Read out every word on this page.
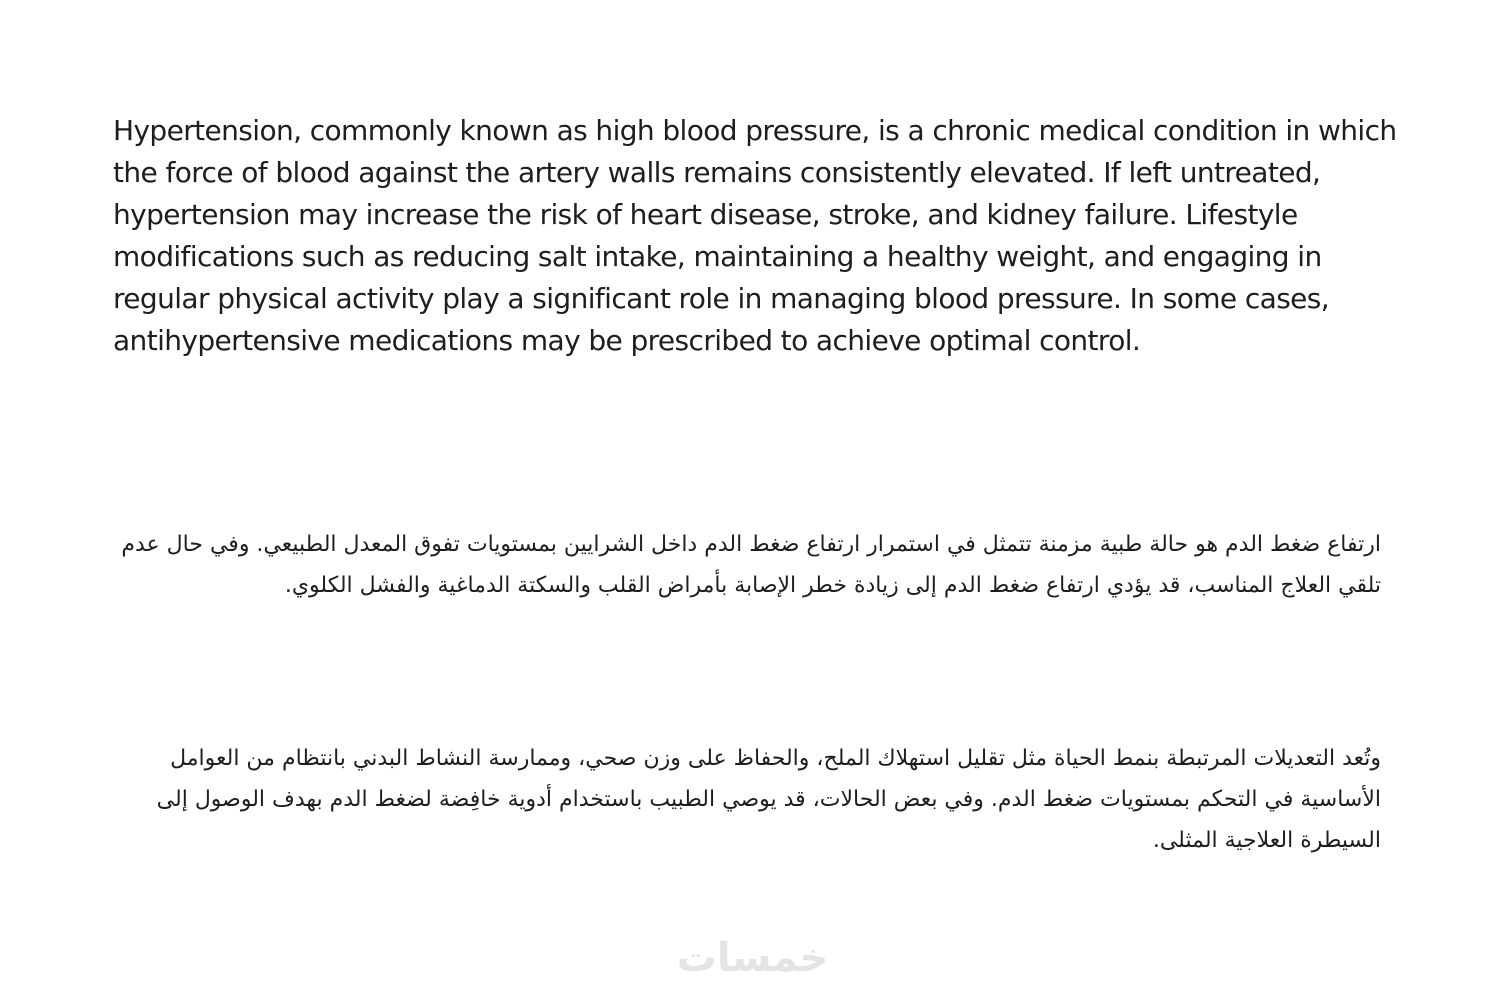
Hypertension, commonly known as high blood pressure, is a chronic medical condition in which the force of blood against the artery walls remains consistently elevated. If left untreated, hypertension may increase the risk of heart disease, stroke, and kidney failure. Lifestyle modifications such as reducing salt intake, maintaining a healthy weight, and engaging in regular physical activity play a significant role in managing blood pressure. In some cases, antihypertensive medications may be prescribed to achieve optimal control.

ارتفاع ضغط الدم هو حالة طبية مزمنة تتمثل في استمرار ارتفاع ضغط الدم داخل الشرايين بمستويات تفوق المعدل الطبيعي. وفي حال عدم تلقي العلاج المناسب، قد يؤدي ارتفاع ضغط الدم إلى زيادة خطر الإصابة بأمراض القلب والسكتة الدماغية والفشل الكلوي.

وتُعد التعديلات المرتبطة بنمط الحياة مثل تقليل استهلاك الملح، والحفاظ على وزن صحي، وممارسة النشاط البدني بانتظام من العوامل الأساسية في التحكم بمستويات ضغط الدم. وفي بعض الحالات، قد يوصي الطبيب باستخدام أدوية خافِضة لضغط الدم بهدف الوصول إلى السيطرة العلاجية المثلى.

خمسات
